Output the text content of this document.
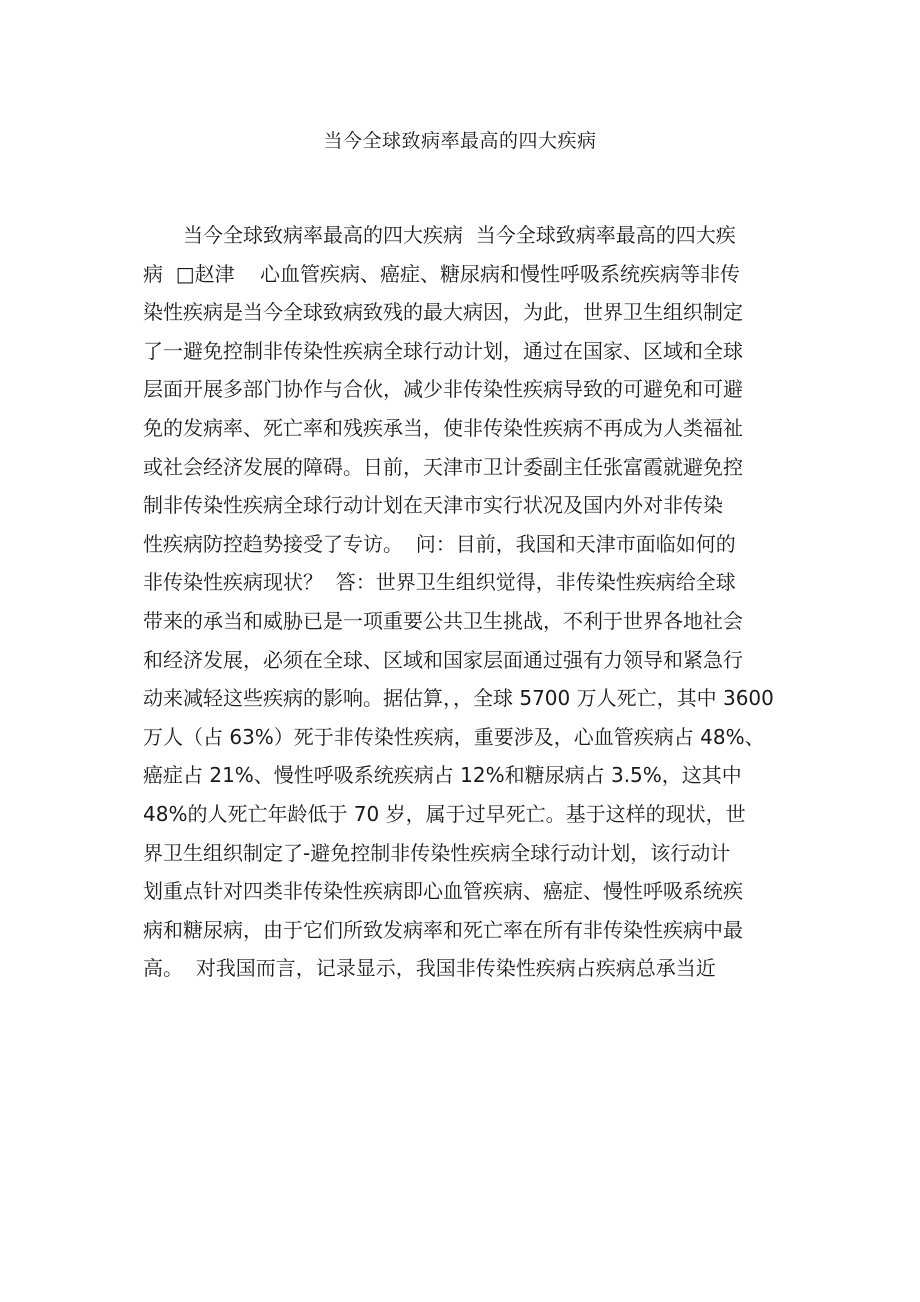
当今全球致病率最高的四大疾病
当今全球致病率最高的四大疾病  当今全球致病率最高的四大疾
病  □赵津    心血管疾病、癌症、糖尿病和慢性呼吸系统疾病等非传
染性疾病是当今全球致病致残的最大病因，为此，世界卫生组织制定
了一避免控制非传染性疾病全球行动计划，通过在国家、区域和全球
层面开展多部门协作与合伙，减少非传染性疾病导致的可避免和可避
免的发病率、死亡率和残疾承当，使非传染性疾病不再成为人类福祉
或社会经济发展的障碍。日前，天津市卫计委副主任张富霞就避免控
制非传染性疾病全球行动计划在天津市实行状况及国内外对非传染
性疾病防控趋势接受了专访。  问：目前，我国和天津市面临如何的
非传染性疾病现状？  答：世界卫生组织觉得，非传染性疾病给全球
带来的承当和威胁已是一项重要公共卫生挑战，不利于世界各地社会
和经济发展，必须在全球、区域和国家层面通过强有力领导和紧急行
动来减轻这些疾病的影响。据估算，，全球 5700 万人死亡，其中 3600
万人（占 63%）死于非传染性疾病，重要涉及，心血管疾病占 48%、
癌症占 21%、慢性呼吸系统疾病占 12%和糖尿病占 3.5%，这其中
48%的人死亡年龄低于 70 岁，属于过早死亡。基于这样的现状，世
界卫生组织制定了-避免控制非传染性疾病全球行动计划，该行动计
划重点针对四类非传染性疾病即心血管疾病、癌症、慢性呼吸系统疾
病和糖尿病，由于它们所致发病率和死亡率在所有非传染性疾病中最
高。  对我国而言，记录显示，我国非传染性疾病占疾病总承当近
